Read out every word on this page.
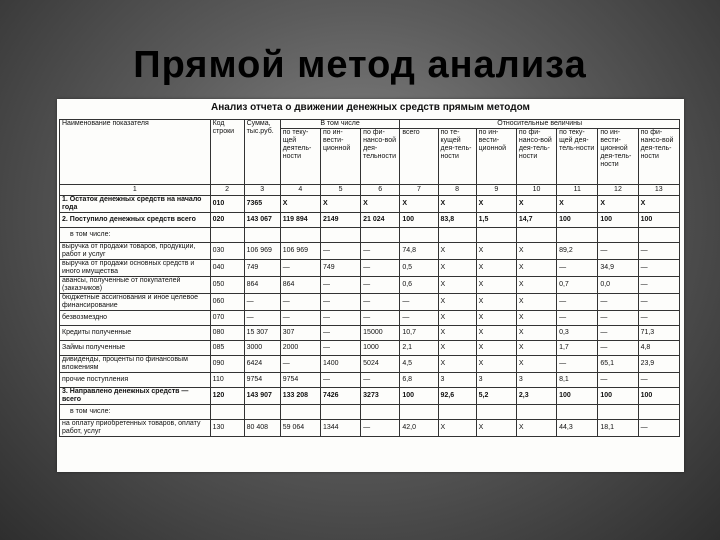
Прямой метод анализа
Анализ отчета о движении денежных средств прямым методом
Наименование показателя	Код строки	Сумма, тыс.руб.	В том числе			Относительные величины						
			по теку-щей деятель-ности	по ин-вести-ционной	по фи-нансо-вой дея-тельности	всего	по те-кущей дея-тель-ности	по ин-вести-ционной	по фи-нансо-вой дея-тель-ности	по теку-щей дея-тель-ности	по ин-вести-ционной дея-тель-ности	по фи-нансо-вой дея-тель-ности
1	2	3	4	5	6	7	8	9	10	11	12	13
1. Остаток денежных средств на начало года	010	7365	Х	Х	Х	Х	Х	Х	Х	Х	Х	Х
2. Поступило денежных средств всего	020	143 067	119 894	2149	21 024	100	83,8	1,5	14,7	100	100	100
в том числе:												
выручка от продажи товаров, продукции, работ и услуг	030	106 969	106 969	—	—	74,8	Х	Х	Х	89,2	—	—
выручка от продажи основных средств и иного имущества	040	749	—	749	—	0,5	Х	Х	Х	—	34,9	—
авансы, полученные от покупателей (заказчиков)	050	864	864	—	—	0,6	Х	Х	Х	0,7	0,0	—
бюджетные ассигнования и иное целевое финансирование	060	—	—	—	—	—	Х	Х	Х	—	—	—
безвозмездно	070	—	—	—	—	—	Х	Х	Х	—	—	—
Кредиты полученные	080	15 307	307	—	15000	10,7	Х	Х	Х	0,3	—	71,3
Займы полученные	085	3000	2000	—	1000	2,1	Х	Х	Х	1,7	—	4,8
дивиденды, проценты по финансовым вложениям	090	6424	—	1400	5024	4,5	Х	Х	Х	—	65,1	23,9
прочие поступления	110	9754	9754	—	—	6,8	3	3	3	8,1	—	—
3. Направлено денежных средств — всего	120	143 907	133 208	7426	3273	100	92,6	5,2	2,3	100	100	100
в том числе:												
на оплату приобретенных товаров, оплату работ, услуг	130	80 408	59 064	1344	—	42,0	Х	Х	Х	44,3	18,1	—
